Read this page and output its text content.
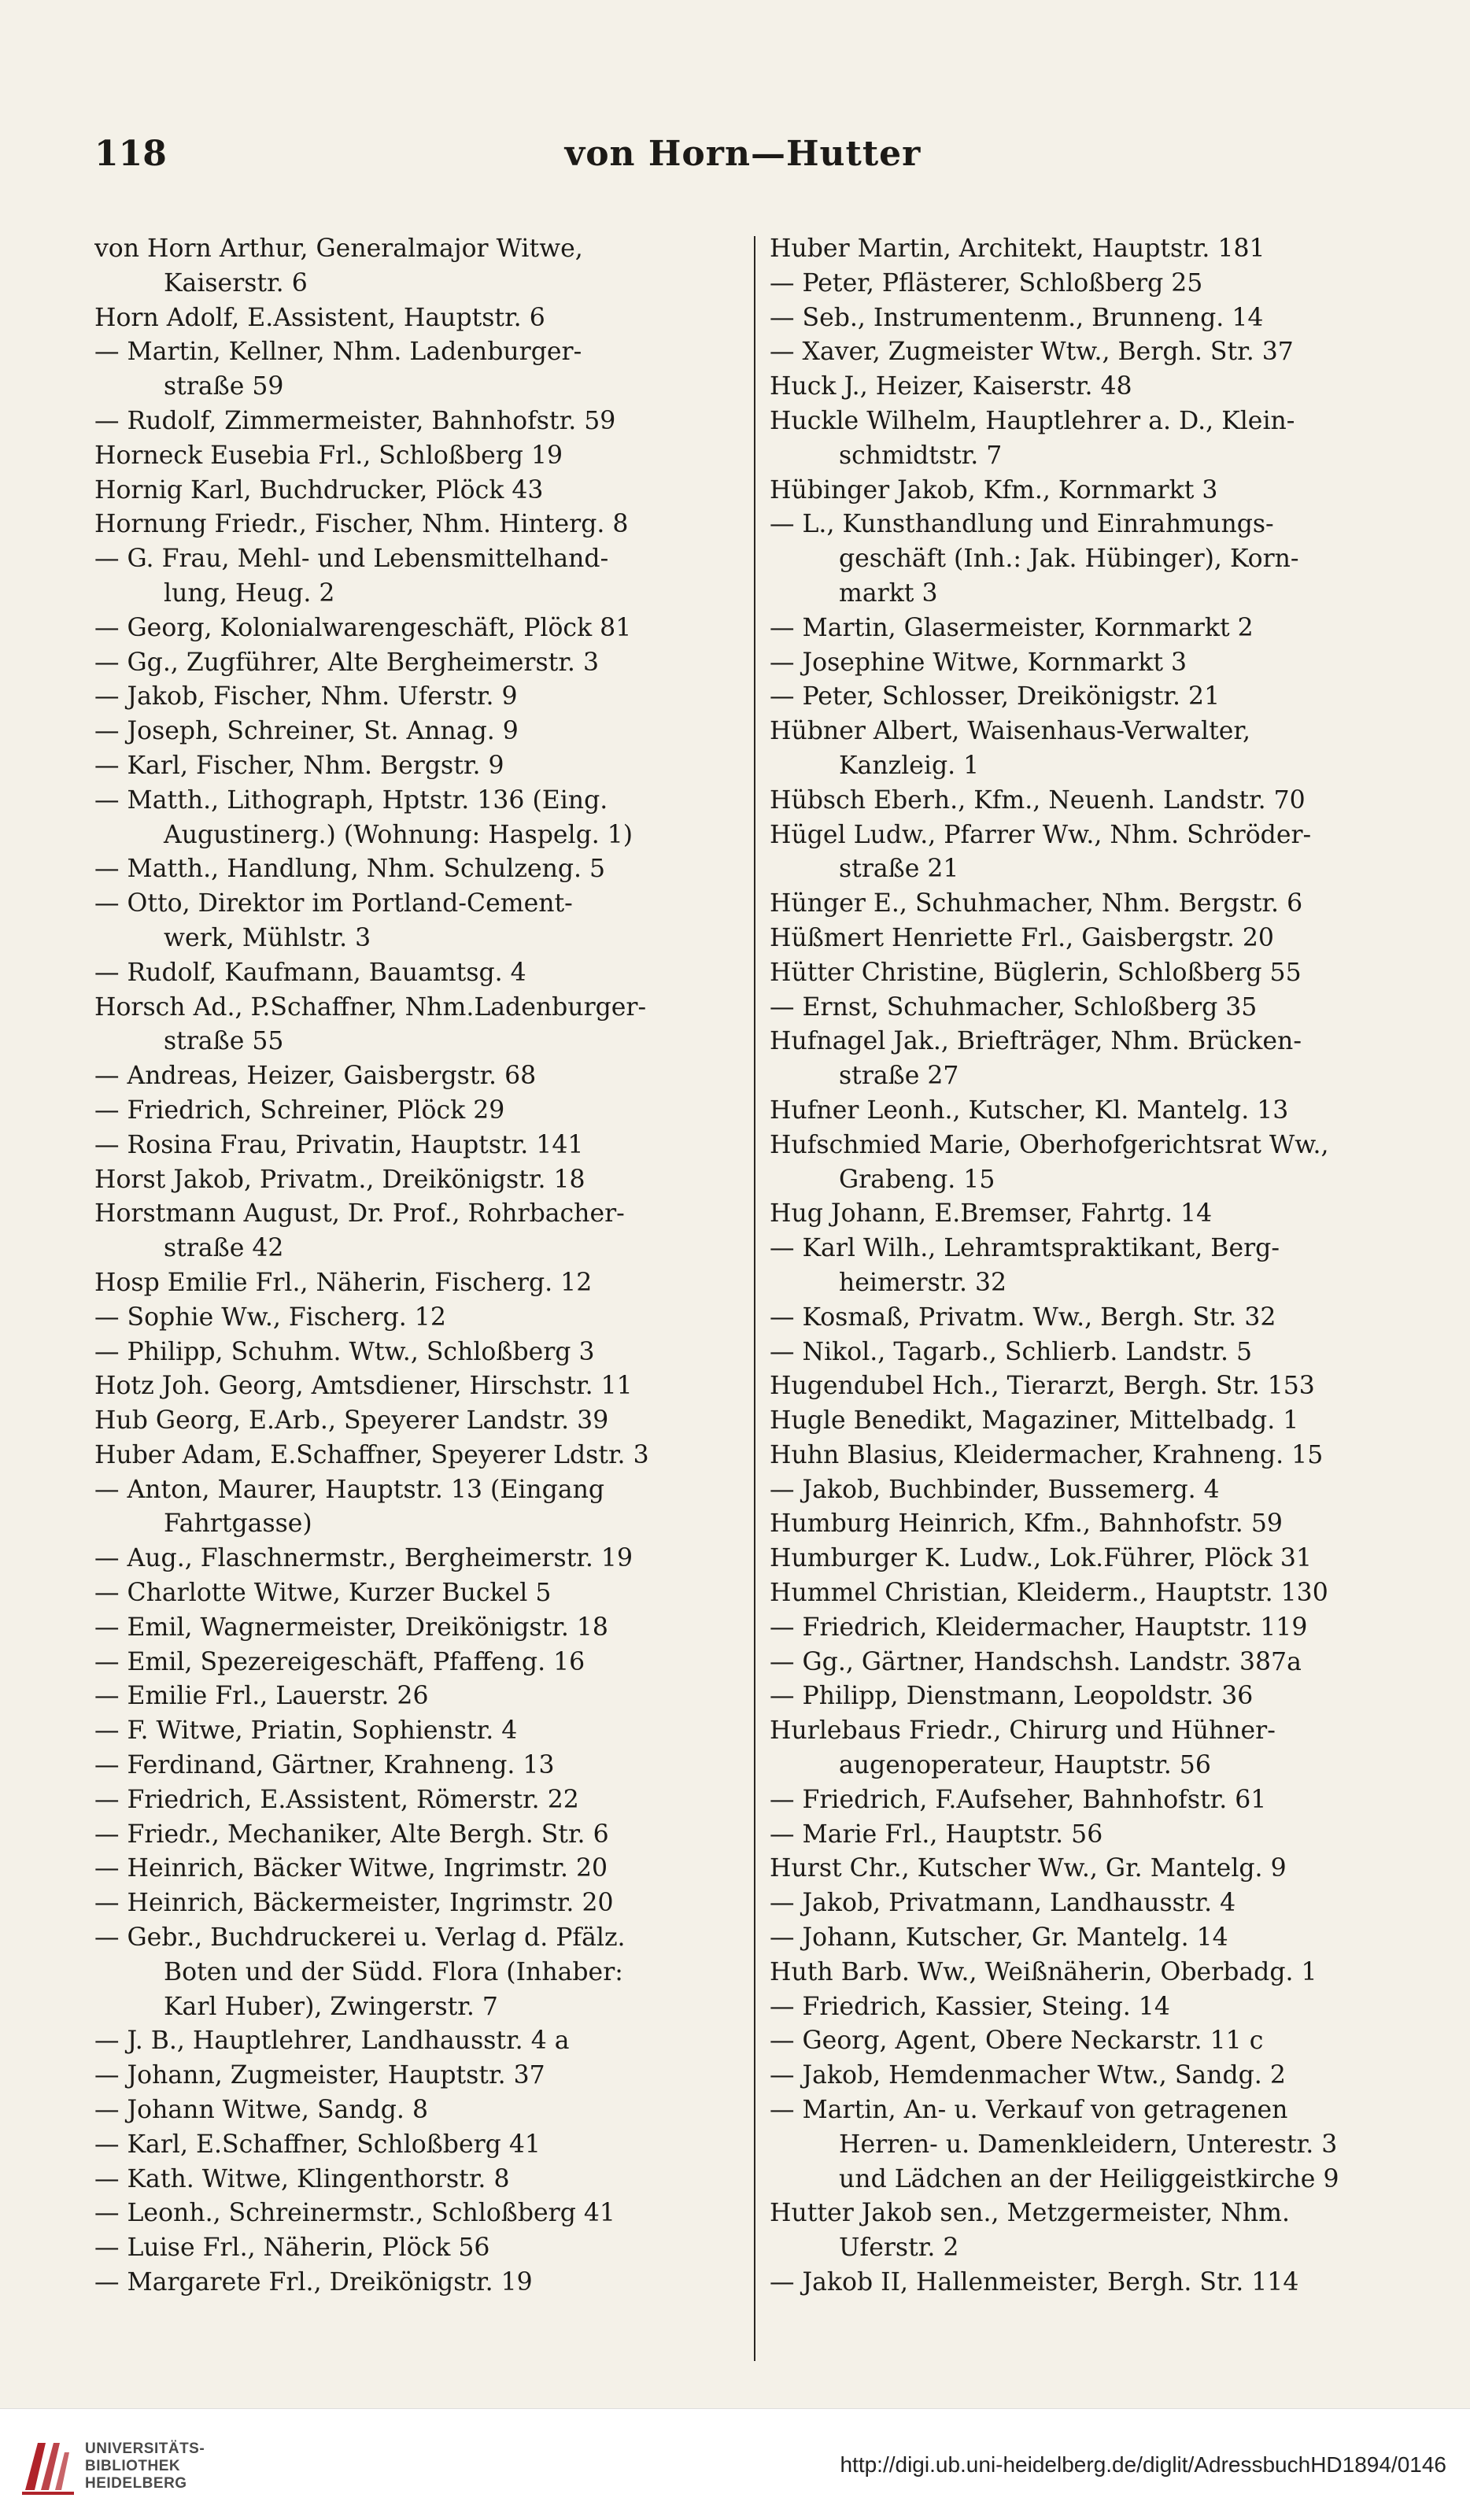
118	von Horn—Hutter
von Horn Arthur, Generalmajor Witwe,
Kaiserstr. 6
Horn Adolf, E.Assistent, Hauptstr. 6
— Martin, Kellner, Nhm. Ladenburger-
straße 59
— Rudolf, Zimmermeister, Bahnhofstr. 59
Horneck Eusebia Frl., Schloßberg 19
Hornig Karl, Buchdrucker, Plöck 43
Hornung Friedr., Fischer, Nhm. Hinterg. 8
— G. Frau, Mehl- und Lebensmittelhand-
lung, Heug. 2
— Georg, Kolonialwarengeschäft, Plöck 81
— Gg., Zugführer, Alte Bergheimerstr. 3
— Jakob, Fischer, Nhm. Uferstr. 9
— Joseph, Schreiner, St. Annag. 9
— Karl, Fischer, Nhm. Bergstr. 9
— Matth., Lithograph, Hptstr. 136 (Eing.
Augustinerg.) (Wohnung: Haspelg. 1)
— Matth., Handlung, Nhm. Schulzeng. 5
— Otto, Direktor im Portland-Cement-
werk, Mühlstr. 3
— Rudolf, Kaufmann, Bauamtsg. 4
Horsch Ad., P.Schaffner, Nhm.Ladenburger-
straße 55
— Andreas, Heizer, Gaisbergstr. 68
— Friedrich, Schreiner, Plöck 29
— Rosina Frau, Privatin, Hauptstr. 141
Horst Jakob, Privatm., Dreikönigstr. 18
Horstmann August, Dr. Prof., Rohrbacher-
straße 42
Hosp Emilie Frl., Näherin, Fischerg. 12
— Sophie Ww., Fischerg. 12
— Philipp, Schuhm. Wtw., Schloßberg 3
Hotz Joh. Georg, Amtsdiener, Hirschstr. 11
Hub Georg, E.Arb., Speyerer Landstr. 39
Huber Adam, E.Schaffner, Speyerer Ldstr. 3
— Anton, Maurer, Hauptstr. 13 (Eingang
Fahrtgasse)
— Aug., Flaschnermstr., Bergheimerstr. 19
— Charlotte Witwe, Kurzer Buckel 5
— Emil, Wagnermeister, Dreikönigstr. 18
— Emil, Spezereigeschäft, Pfaffeng. 16
— Emilie Frl., Lauerstr. 26
— F. Witwe, Priatin, Sophienstr. 4
— Ferdinand, Gärtner, Krahneng. 13
— Friedrich, E.Assistent, Römerstr. 22
— Friedr., Mechaniker, Alte Bergh. Str. 6
— Heinrich, Bäcker Witwe, Ingrimstr. 20
— Heinrich, Bäckermeister, Ingrimstr. 20
— Gebr., Buchdruckerei u. Verlag d. Pfälz.
Boten und der Südd. Flora (Inhaber:
Karl Huber), Zwingerstr. 7
— J. B., Hauptlehrer, Landhausstr. 4 a
— Johann, Zugmeister, Hauptstr. 37
— Johann Witwe, Sandg. 8
— Karl, E.Schaffner, Schloßberg 41
— Kath. Witwe, Klingenthorstr. 8
— Leonh., Schreinermstr., Schloßberg 41
— Luise Frl., Näherin, Plöck 56
— Margarete Frl., Dreikönigstr. 19
Huber Martin, Architekt, Hauptstr. 181
— Peter, Pflästerer, Schloßberg 25
— Seb., Instrumentenm., Brunneng. 14
— Xaver, Zugmeister Wtw., Bergh. Str. 37
Huck J., Heizer, Kaiserstr. 48
Huckle Wilhelm, Hauptlehrer a. D., Klein-
schmidtstr. 7
Hübinger Jakob, Kfm., Kornmarkt 3
— L., Kunsthandlung und Einrahmungs-
geschäft (Inh.: Jak. Hübinger), Korn-
markt 3
— Martin, Glasermeister, Kornmarkt 2
— Josephine Witwe, Kornmarkt 3
— Peter, Schlosser, Dreikönigstr. 21
Hübner Albert, Waisenhaus-Verwalter,
Kanzleig. 1
Hübsch Eberh., Kfm., Neuenh. Landstr. 70
Hügel Ludw., Pfarrer Ww., Nhm. Schröder-
straße 21
Hünger E., Schuhmacher, Nhm. Bergstr. 6
Hüßmert Henriette Frl., Gaisbergstr. 20
Hütter Christine, Büglerin, Schloßberg 55
— Ernst, Schuhmacher, Schloßberg 35
Hufnagel Jak., Briefträger, Nhm. Brücken-
straße 27
Hufner Leonh., Kutscher, Kl. Mantelg. 13
Hufschmied Marie, Oberhofgerichtsrat Ww.,
Grabeng. 15
Hug Johann, E.Bremser, Fahrtg. 14
— Karl Wilh., Lehramtspraktikant, Berg-
heimerstr. 32
— Kosmaß, Privatm. Ww., Bergh. Str. 32
— Nikol., Tagarb., Schlierb. Landstr. 5
Hugendubel Hch., Tierarzt, Bergh. Str. 153
Hugle Benedikt, Magaziner, Mittelbadg. 1
Huhn Blasius, Kleidermacher, Krahneng. 15
— Jakob, Buchbinder, Bussemerg. 4
Humburg Heinrich, Kfm., Bahnhofstr. 59
Humburger K. Ludw., Lok.Führer, Plöck 31
Hummel Christian, Kleiderm., Hauptstr. 130
— Friedrich, Kleidermacher, Hauptstr. 119
— Gg., Gärtner, Handschsh. Landstr. 387a
— Philipp, Dienstmann, Leopoldstr. 36
Hurlebaus Friedr., Chirurg und Hühner-
augenoperateur, Hauptstr. 56
— Friedrich, F.Aufseher, Bahnhofstr. 61
— Marie Frl., Hauptstr. 56
Hurst Chr., Kutscher Ww., Gr. Mantelg. 9
— Jakob, Privatmann, Landhausstr. 4
— Johann, Kutscher, Gr. Mantelg. 14
Huth Barb. Ww., Weißnäherin, Oberbadg. 1
— Friedrich, Kassier, Steing. 14
— Georg, Agent, Obere Neckarstr. 11 c
— Jakob, Hemdenmacher Wtw., Sandg. 2
— Martin, An- u. Verkauf von getragenen
Herren- u. Damenkleidern, Unterestr. 3
und Lädchen an der Heiliggeistkirche 9
Hutter Jakob sen., Metzgermeister, Nhm.
Uferstr. 2
— Jakob II, Hallenmeister, Bergh. Str. 114
UNIVERSITÄTS-
BIBLIOTHEK
HEIDELBERG
http://digi.ub.uni-heidelberg.de/diglit/AdressbuchHD1894/0146
